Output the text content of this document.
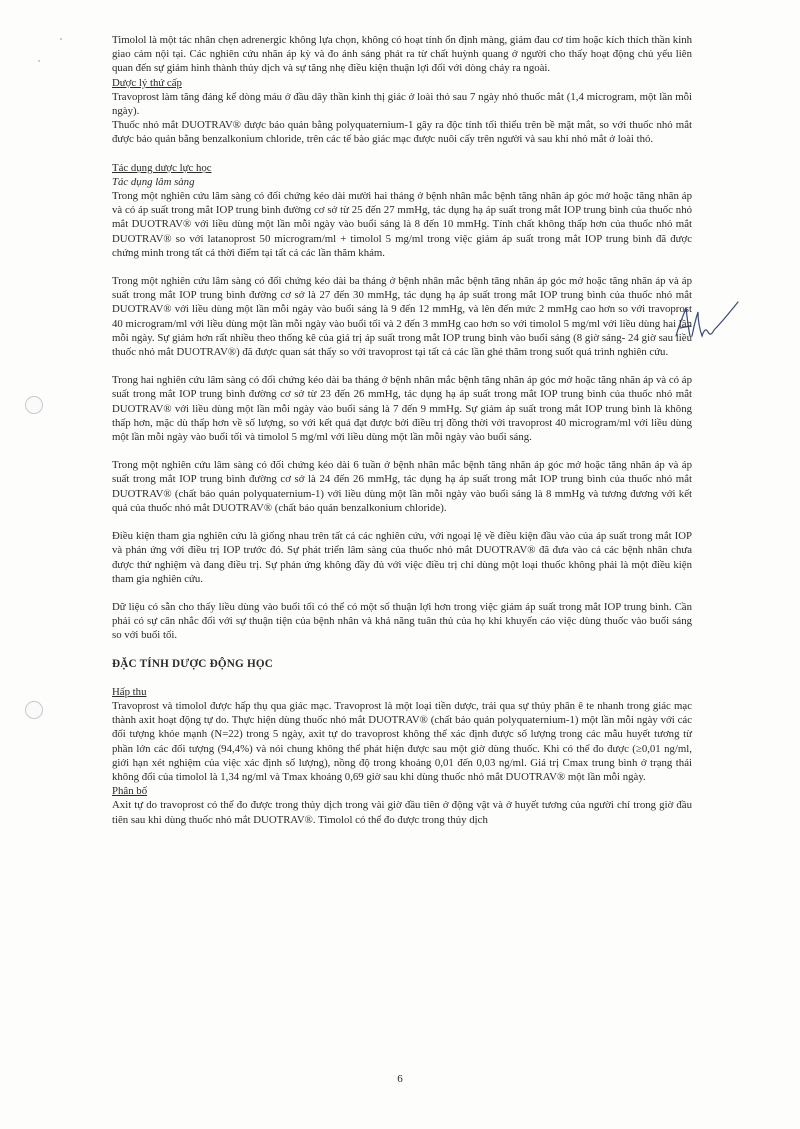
Timolol là một tác nhân chẹn adrenergic không lựa chọn, không có hoạt tính ổn định màng, giảm đau cơ tim hoặc kích thích thần kinh giao cảm nội tại. Các nghiên cứu nhãn áp kỳ và đo ánh sáng phát ra từ chất huỳnh quang ở người cho thấy hoạt động chủ yếu liên quan đến sự giảm hình thành thủy dịch và sự tăng nhẹ điều kiện thuận lợi đối với dòng chảy ra ngoài.

Dược lý thứ cấp

Travoprost làm tăng đáng kể dòng máu ở đầu dây thần kinh thị giác ở loài thỏ sau 7 ngày nhỏ thuốc mắt (1,4 microgram, một lần mỗi ngày).

Thuốc nhỏ mắt DUOTRAV® được bảo quản bằng polyquaternium-1 gây ra độc tính tối thiểu trên bề mặt mắt, so với thuốc nhỏ mắt được bảo quản bằng benzalkonium chloride, trên các tế bào giác mạc được nuôi cấy trên người và sau khi nhỏ mắt ở loài thỏ.

Tác dụng dược lực học

Tác dụng lâm sàng

Trong một nghiên cứu lâm sàng có đối chứng kéo dài mười hai tháng ở bệnh nhân mắc bệnh tăng nhãn áp góc mở hoặc tăng nhãn áp và có áp suất trong mắt IOP trung bình đường cơ sở từ 25 đến 27 mmHg, tác dụng hạ áp suất trong mắt IOP trung bình của thuốc nhỏ mắt DUOTRAV® với liều dùng một lần mỗi ngày vào buổi sáng là 8 đến 10 mmHg. Tính chất không thấp hơn của thuốc nhỏ mắt DUOTRAV® so với latanoprost 50 microgram/ml + timolol 5 mg/ml trong việc giảm áp suất trong mắt IOP trung bình đã được chứng minh trong tất cả thời điểm tại tất cả các lần thăm khám.

Trong một nghiên cứu lâm sàng có đối chứng kéo dài ba tháng ở bệnh nhân mắc bệnh tăng nhãn áp góc mở hoặc tăng nhãn áp và áp suất trong mắt IOP trung bình đường cơ sở là 27 đến 30 mmHg, tác dụng hạ áp suất trong mắt IOP trung bình của thuốc nhỏ mắt DUOTRAV® với liều dùng một lần mỗi ngày vào buổi sáng là 9 đến 12 mmHg, và lên đến mức 2 mmHg cao hơn so với travoprost 40 microgram/ml với liều dùng một lần mỗi ngày vào buổi tối và 2 đến 3 mmHg cao hơn so với timolol 5 mg/ml với liều dùng hai lần mỗi ngày. Sự giảm hơn rất nhiều theo thống kê của giá trị áp suất trong mắt IOP trung bình vào buổi sáng (8 giờ sáng- 24 giờ sau liều thuốc nhỏ mắt DUOTRAV®) đã được quan sát thấy so với travoprost tại tất cả các lần ghé thăm trong suốt quá trình nghiên cứu.

Trong hai nghiên cứu lâm sàng có đối chứng kéo dài ba tháng ở bệnh nhân mắc bệnh tăng nhãn áp góc mở hoặc tăng nhãn áp và có áp suất trong mắt IOP trung bình đường cơ sở từ 23 đến 26 mmHg, tác dụng hạ áp suất trong mắt IOP trung bình của thuốc nhỏ mắt DUOTRAV® với liều dùng một lần mỗi ngày vào buổi sáng là 7 đến 9 mmHg. Sự giảm áp suất trong mắt IOP trung bình là không thấp hơn, mặc dù thấp hơn về số lượng, so với kết quả đạt được bởi điều trị đồng thời với travoprost 40 microgram/ml với liều dùng một lần mỗi ngày vào buổi tối và timolol 5 mg/ml với liều dùng một lần mỗi ngày vào buổi sáng.

Trong một nghiên cứu lâm sàng có đối chứng kéo dài 6 tuần ở bệnh nhân mắc bệnh tăng nhãn áp góc mở hoặc tăng nhãn áp và áp suất trong mắt IOP trung bình đường cơ sở là 24 đến 26 mmHg, tác dụng hạ áp suất trong mắt IOP trung bình của thuốc nhỏ mắt DUOTRAV® (chất bảo quản polyquaternium-1) với liều dùng một lần mỗi ngày vào buổi sáng là 8 mmHg và tương đương với kết quả của thuốc nhỏ mắt DUOTRAV® (chất bảo quản benzalkonium chloride).

Điều kiện tham gia nghiên cứu là giống nhau trên tất cả các nghiên cứu, với ngoại lệ về điều kiện đầu vào của áp suất trong mắt IOP và phản ứng với điều trị IOP trước đó. Sự phát triển lâm sàng của thuốc nhỏ mắt DUOTRAV® đã đưa vào cả các bệnh nhân chưa được thử nghiệm và đang điều trị. Sự phản ứng không đầy đủ với việc điều trị chỉ dùng một loại thuốc không phải là một điều kiện tham gia nghiên cứu.

Dữ liệu có sẵn cho thấy liều dùng vào buổi tối có thể có một số thuận lợi hơn trong việc giảm áp suất trong mắt IOP trung bình. Cần phải có sự cân nhắc đối với sự thuận tiện của bệnh nhân và khả năng tuân thủ của họ khi khuyến cáo việc dùng thuốc vào buổi sáng so với buổi tối.

ĐẶC TÍNH DƯỢC ĐỘNG HỌC

Hấp thu

Travoprost và timolol được hấp thụ qua giác mạc. Travoprost là một loại tiền dược, trải qua sự thủy phân ê te nhanh trong giác mạc thành axit hoạt động tự do. Thực hiện dùng thuốc nhỏ mắt DUOTRAV® (chất bảo quản polyquaternium-1) một lần mỗi ngày với các đối tượng khỏe mạnh (N=22) trong 5 ngày, axit tự do travoprost không thể xác định được số lượng trong các mẫu huyết tương từ phần lớn các đối tượng (94,4%) và nói chung không thể phát hiện được sau một giờ dùng thuốc. Khi có thể đo được (≥0,01 ng/ml, giới hạn xét nghiệm của việc xác định số lượng), nồng độ trong khoảng 0,01 đến 0,03 ng/ml. Giá trị Cmax trung bình ở trạng thái không đổi của timolol là 1,34 ng/ml và Tmax khoảng 0,69 giờ sau khi dùng thuốc nhỏ mắt DUOTRAV® một lần mỗi ngày.

Phân bố

Axit tự do travoprost có thể đo được trong thủy dịch trong vài giờ đầu tiên ở động vật và ở huyết tương của người chỉ trong giờ đầu tiên sau khi dùng thuốc nhỏ mắt DUOTRAV®. Timolol có thể đo được trong thủy dịch

6
